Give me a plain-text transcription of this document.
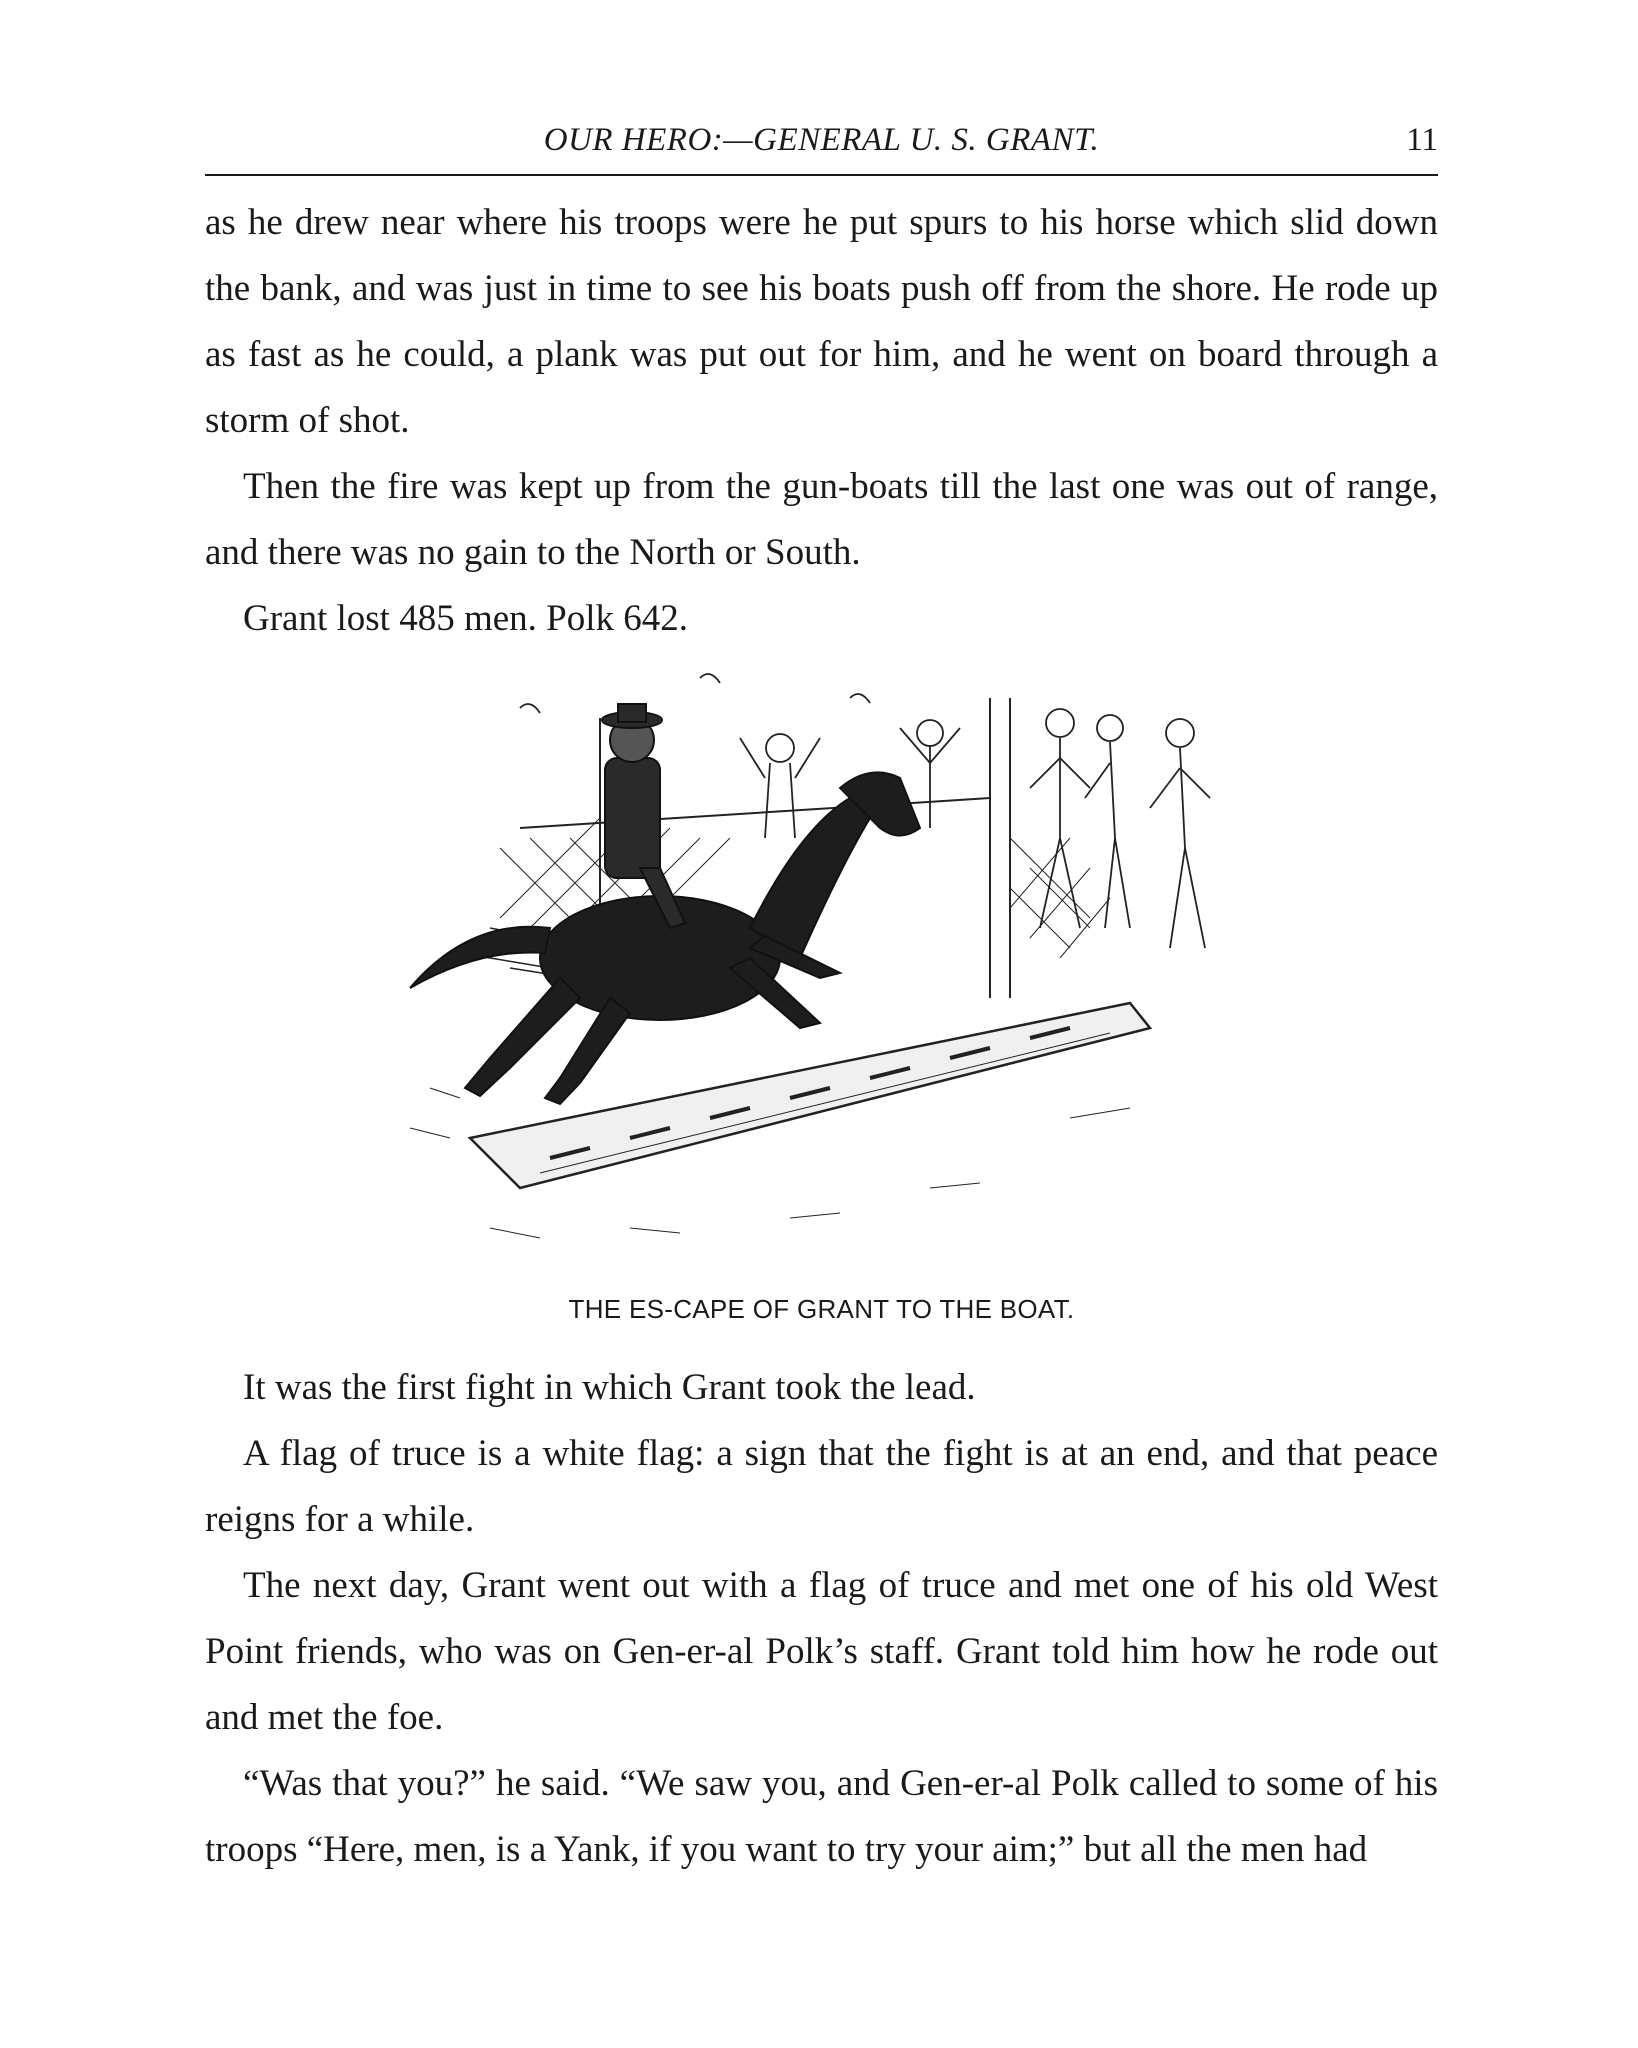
OUR HERO:—GENERAL U. S. GRANT.	11

as he drew near where his troops were he put spurs to his horse which slid down the bank, and was just in time to see his boats push off from the shore. He rode up as fast as he could, a plank was put out for him, and he went on board through a storm of shot.

Then the fire was kept up from the gun-boats till the last one was out of range, and there was no gain to the North or South.

Grant lost 485 men. Polk 642.

THE ES-CAPE OF GRANT TO THE BOAT.

It was the first fight in which Grant took the lead.

A flag of truce is a white flag: a sign that the fight is at an end, and that peace reigns for a while.

The next day, Grant went out with a flag of truce and met one of his old West Point friends, who was on Gen-er-al Polk’s staff. Grant told him how he rode out and met the foe.

“Was that you?” he said. “We saw you, and Gen-er-al Polk called to some of his troops “Here, men, is a Yank, if you want to try your aim;” but all the men had
